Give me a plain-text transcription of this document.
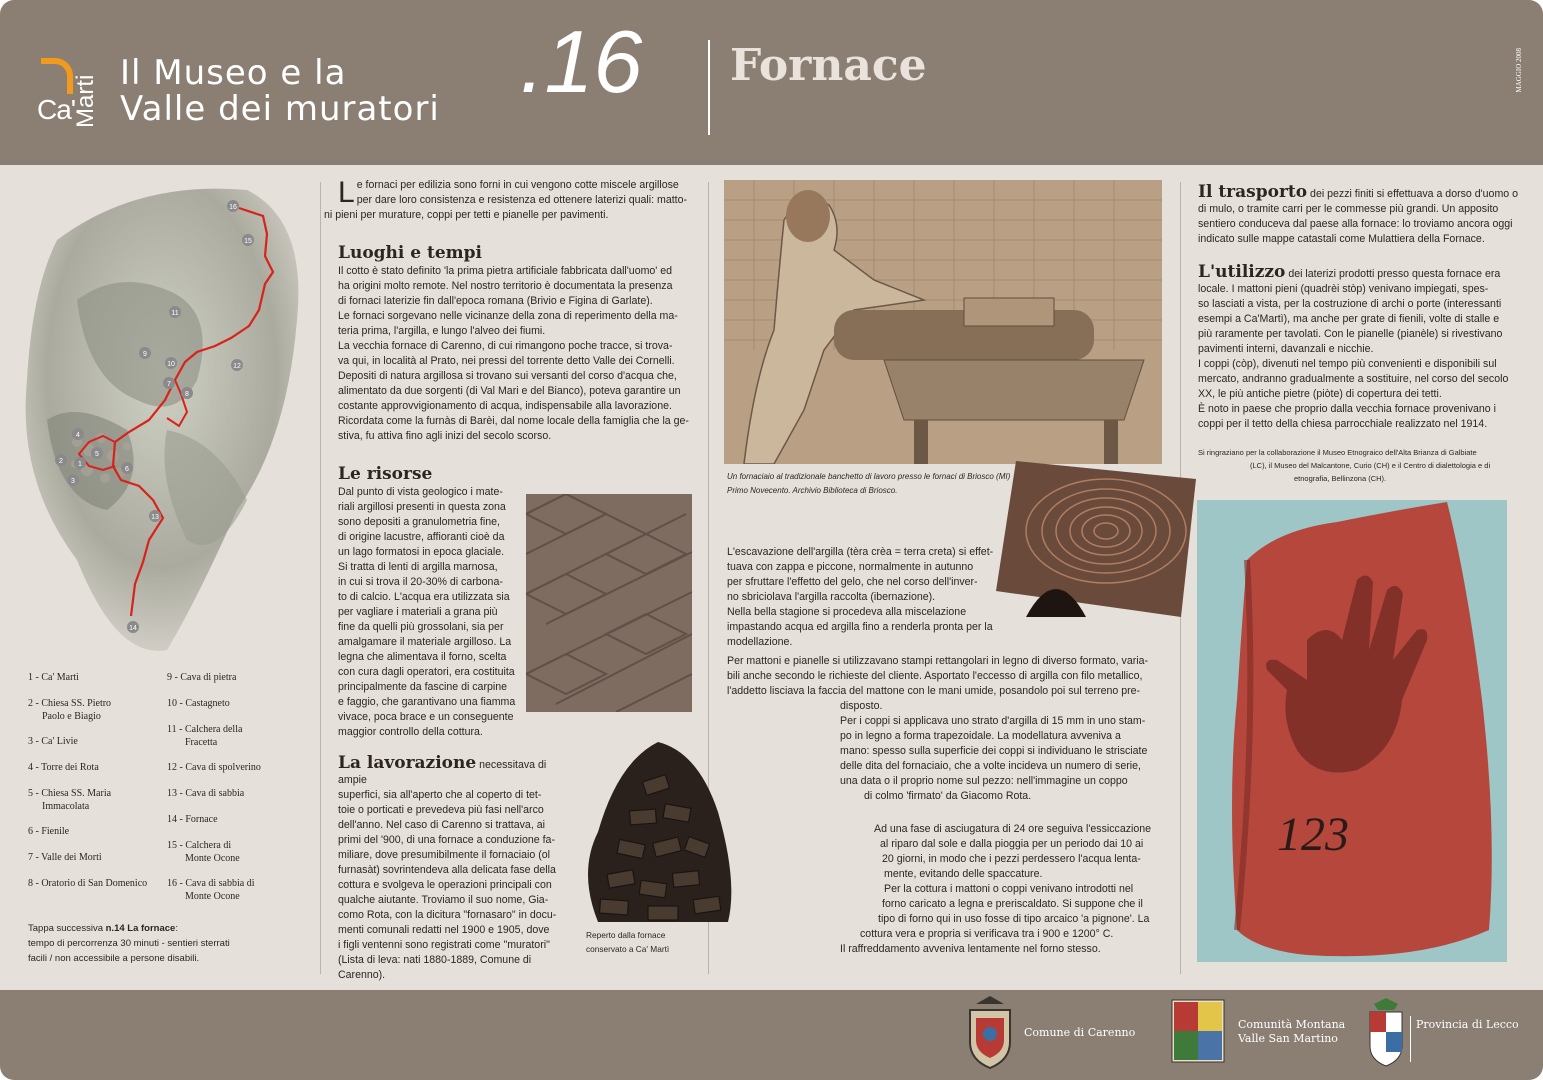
Ca'
Marti
Il Museo e la
Valle dei muratori .16 Fornace	MAGGIO 2008
16
15
11
9
10	12
7
8
4
5
6
2 1
3
13
14
1 - Ca' Martì
2 - Chiesa SS. Pietro
Paolo e Biagio
3 - Ca' Livie
4 - Torre dei Rota
5 - Chiesa SS. Maria
Immacolata
6 - Fienile
7 - Valle dei Morti
8 - Oratorio di San Domenico
9 - Cava di pietra
10 - Castagneto
11 - Calchera della
Fracetta
12 - Cava di spolverino
13 - Cava di sabbia
14 - Fornace
15 - Calchera di
Monte Ocone
16 - Cava di sabbia di
Monte Ocone
Tappa successiva n.14 La fornace:
tempo di percorrenza 30 minuti - sentieri sterrati
facili / non accessibile a persone disabili.
L e fornaci per edilizia sono forni in cui vengono cotte miscele argillose
per dare loro consistenza e resistenza ed ottenere laterizi quali: matto-
ni pieni per murature, coppi per tetti e pianelle per pavimenti.
Luoghi e tempi
Il cotto è stato definito 'la prima pietra artificiale fabbricata dall'uomo' ed
ha origini molto remote. Nel nostro territorio è documentata la presenza
di fornaci laterizie fin dall'epoca romana (Brivio e Figina di Garlate).
Le fornaci sorgevano nelle vicinanze della zona di reperimento della ma-
teria prima, l'argilla, e lungo l'alveo dei fiumi.
La vecchia fornace di Carenno, di cui rimangono poche tracce, si trova-
va qui, in località al Prato, nei pressi del torrente detto Valle dei Cornelli.
Depositi di natura argillosa si trovano sui versanti del corso d'acqua che,
alimentato da due sorgenti (di Val Mari e del Bianco), poteva garantire un
costante approvvigionamento di acqua, indispensabile alla lavorazione.
Ricordata come la furnàs di Barèi, dal nome locale della famiglia che la ge-
stiva, fu attiva fino agli inizi del secolo scorso.
Le risorse
Dal punto di vista geologico i mate-
riali argillosi presenti in questa zona
sono depositi a granulometria fine,
di origine lacustre, affioranti cioè da
un lago formatosi in epoca glaciale.
Si tratta di lenti di argilla marnosa,
in cui si trova il 20-30% di carbona-
to di calcio. L'acqua era utilizzata sia
per vagliare i materiali a grana più
fine da quelli più grossolani, sia per
amalgamare il materiale argilloso. La
legna che alimentava il forno, scelta
con cura dagli operatori, era costituita
principalmente da fascine di carpine
e faggio, che garantivano una fiamma
vivace, poca brace e un conseguente
maggior controllo della cottura.
La lavorazione necessitava di ampie
superfici, sia all'aperto che al coperto di tet-
toie o porticati e prevedeva più fasi nell'arco
dell'anno. Nel caso di Carenno si trattava, ai
primi del '900, di una fornace a conduzione fa-
miliare, dove presumibilmente il fornaciaio (ol
furnasàt) sovrintendeva alla delicata fase della
cottura e svolgeva le operazioni principali con
qualche aiutante. Troviamo il suo nome, Gia-
como Rota, con la dicitura "fornasaro" in docu-
menti comunali redatti nel 1900 e 1905, dove
i figli ventenni sono registrati come "muratori"
(Lista di leva: nati 1880-1889, Comune di Carenno).
Reperto dalla fornace
conservato a Ca' Martì
Un fornaciaio al tradizionale banchetto di lavoro presso le fornaci di Briosco (MI)
Primo Novecento. Archivio Biblioteca di Briosco.
L'escavazione dell'argilla (tèra crèa = terra creta) si effet-
tuava con zappa e piccone, normalmente in autunno
per sfruttare l'effetto del gelo, che nel corso dell'inver-
no sbriciolava l'argilla raccolta (ibernazione).
Nella bella stagione si procedeva alla miscelazione
impastando acqua ed argilla fino a renderla pronta per la
modellazione.
Per mattoni e pianelle si utilizzavano stampi rettangolari in legno di diverso formato, varia-
bili anche secondo le richieste del cliente. Asportato l'eccesso di argilla con filo metallico,
l'addetto lisciava la faccia del mattone con le mani umide, posandolo poi sul terreno pre-
disposto.
Per i coppi si applicava uno strato d'argilla di 15 mm in uno stam-
po in legno a forma trapezoidale. La modellatura avveniva a
mano: spesso sulla superficie dei coppi si individuano le strisciate
delle dita del fornaciaio, che a volte incideva un numero di serie,
una data o il proprio nome sul pezzo: nell'immagine un coppo
di colmo 'firmato' da Giacomo Rota.
Ad una fase di asciugatura di 24 ore seguiva l'essiccazione
al riparo dal sole e dalla pioggia per un periodo dai 10 ai
20 giorni, in modo che i pezzi perdessero l'acqua lenta-
mente, evitando delle spaccature.
Per la cottura i mattoni o coppi venivano introdotti nel
forno caricato a legna e preriscaldato. Si suppone che il
tipo di forno qui in uso fosse di tipo arcaico 'a pignone'. La
cottura vera e propria si verificava tra i 900 e 1200° C.
Il raffreddamento avveniva lentamente nel forno stesso.
Il trasporto dei pezzi finiti si effettuava a dorso d'uomo o
di mulo, o tramite carri per le commesse più grandi. Un apposito
sentiero conduceva dal paese alla fornace: lo troviamo ancora oggi
indicato sulle mappe catastali come Mulattiera della Fornace.
L'utilizzo dei laterizi prodotti presso questa fornace era
locale. I mattoni pieni (quadrèi stòp) venivano impiegati, spes-
so lasciati a vista, per la costruzione di archi o porte (interessanti
esempi a Ca'Martì), ma anche per grate di fienili, volte di stalle e
più raramente per tavolati. Con le pianelle (pianèle) si rivestivano
pavimenti interni, davanzali e nicchie.
I coppi (còp), divenuti nel tempo più convenienti e disponibili sul
mercato, andranno gradualmente a sostituire, nel corso del secolo
XX, le più antiche pietre (piòte) di copertura dei tetti.
È noto in paese che proprio dalla vecchia fornace provenivano i
coppi per il tetto della chiesa parrocchiale realizzato nel 1914.
Si ringraziano per la collaborazione il Museo Etnograico dell'Alta Brianza di Galbiate
(LC), il Museo del Malcantone, Curio (CH) e il Centro di dialettologia e di
etnografia, Bellinzona (CH).
123
Comune di Carenno
Comunità Montana
Valle San Martino
Provincia di Lecco
